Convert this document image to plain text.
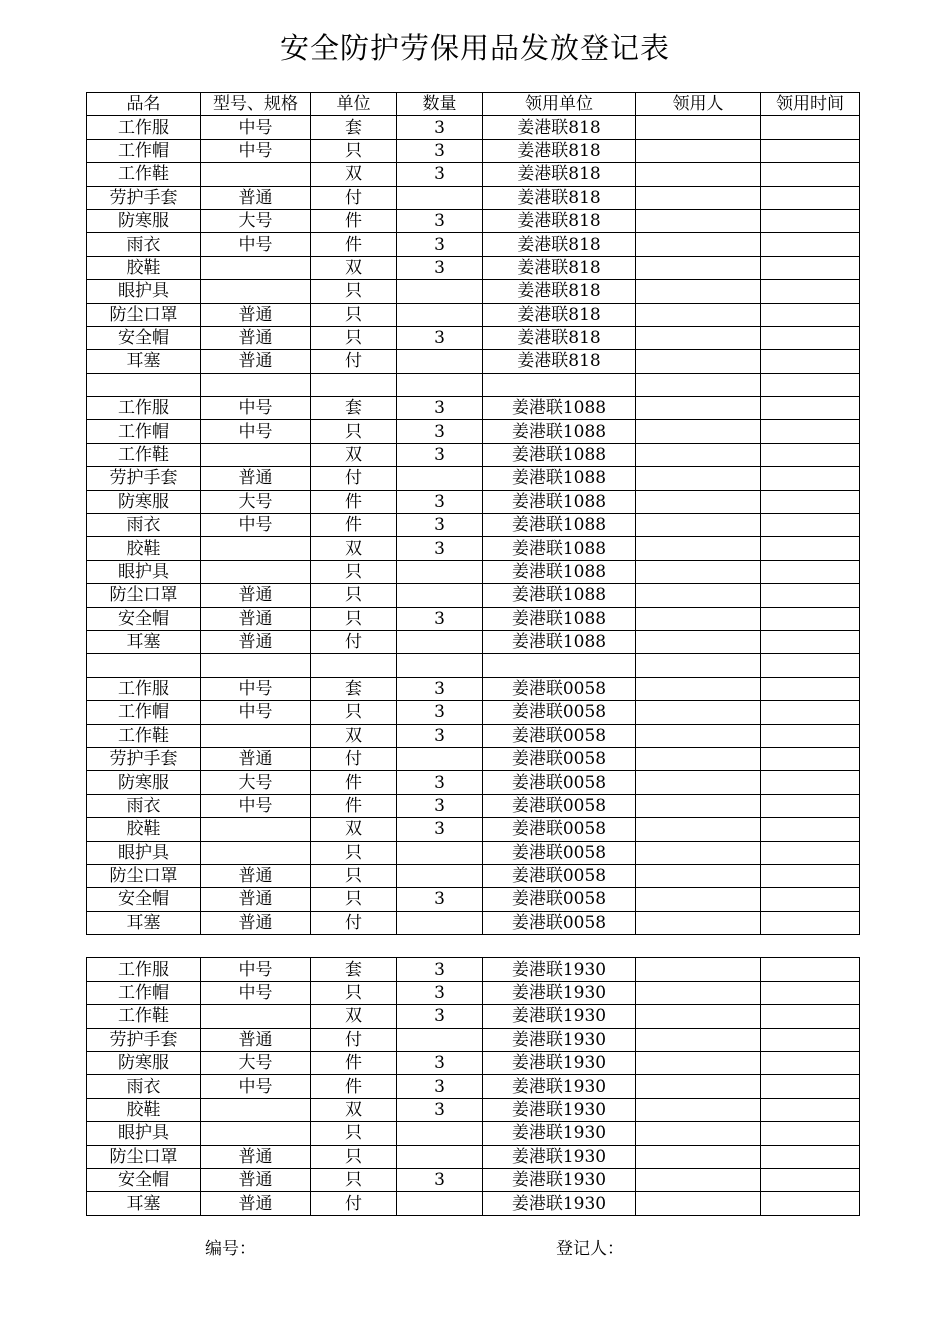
安全防护劳保用品发放登记表
品名	型号、规格	单位	数量	领用单位	领用人	领用时间
工作服	中号	套	3	姜港联818		
工作帽	中号	只	3	姜港联818		
工作鞋		双	3	姜港联818		
劳护手套	普通	付		姜港联818		
防寒服	大号	件	3	姜港联818		
雨衣	中号	件	3	姜港联818		
胶鞋		双	3	姜港联818		
眼护具		只		姜港联818		
防尘口罩	普通	只		姜港联818		
安全帽	普通	只	3	姜港联818		
耳塞	普通	付		姜港联818		

工作服	中号	套	3	姜港联1088		
工作帽	中号	只	3	姜港联1088		
工作鞋		双	3	姜港联1088		
劳护手套	普通	付		姜港联1088		
防寒服	大号	件	3	姜港联1088		
雨衣	中号	件	3	姜港联1088		
胶鞋		双	3	姜港联1088		
眼护具		只		姜港联1088		
防尘口罩	普通	只		姜港联1088		
安全帽	普通	只	3	姜港联1088		
耳塞	普通	付		姜港联1088		

工作服	中号	套	3	姜港联0058		
工作帽	中号	只	3	姜港联0058		
工作鞋		双	3	姜港联0058		
劳护手套	普通	付		姜港联0058		
防寒服	大号	件	3	姜港联0058		
雨衣	中号	件	3	姜港联0058		
胶鞋		双	3	姜港联0058		
眼护具		只		姜港联0058		
防尘口罩	普通	只		姜港联0058		
安全帽	普通	只	3	姜港联0058		
耳塞	普通	付		姜港联0058		

工作服	中号	套	3	姜港联1930		
工作帽	中号	只	3	姜港联1930		
工作鞋		双	3	姜港联1930		
劳护手套	普通	付		姜港联1930		
防寒服	大号	件	3	姜港联1930		
雨衣	中号	件	3	姜港联1930		
胶鞋		双	3	姜港联1930		
眼护具		只		姜港联1930		
防尘口罩	普通	只		姜港联1930		
安全帽	普通	只	3	姜港联1930		
耳塞	普通	付		姜港联1930		
编号：	登记人：
